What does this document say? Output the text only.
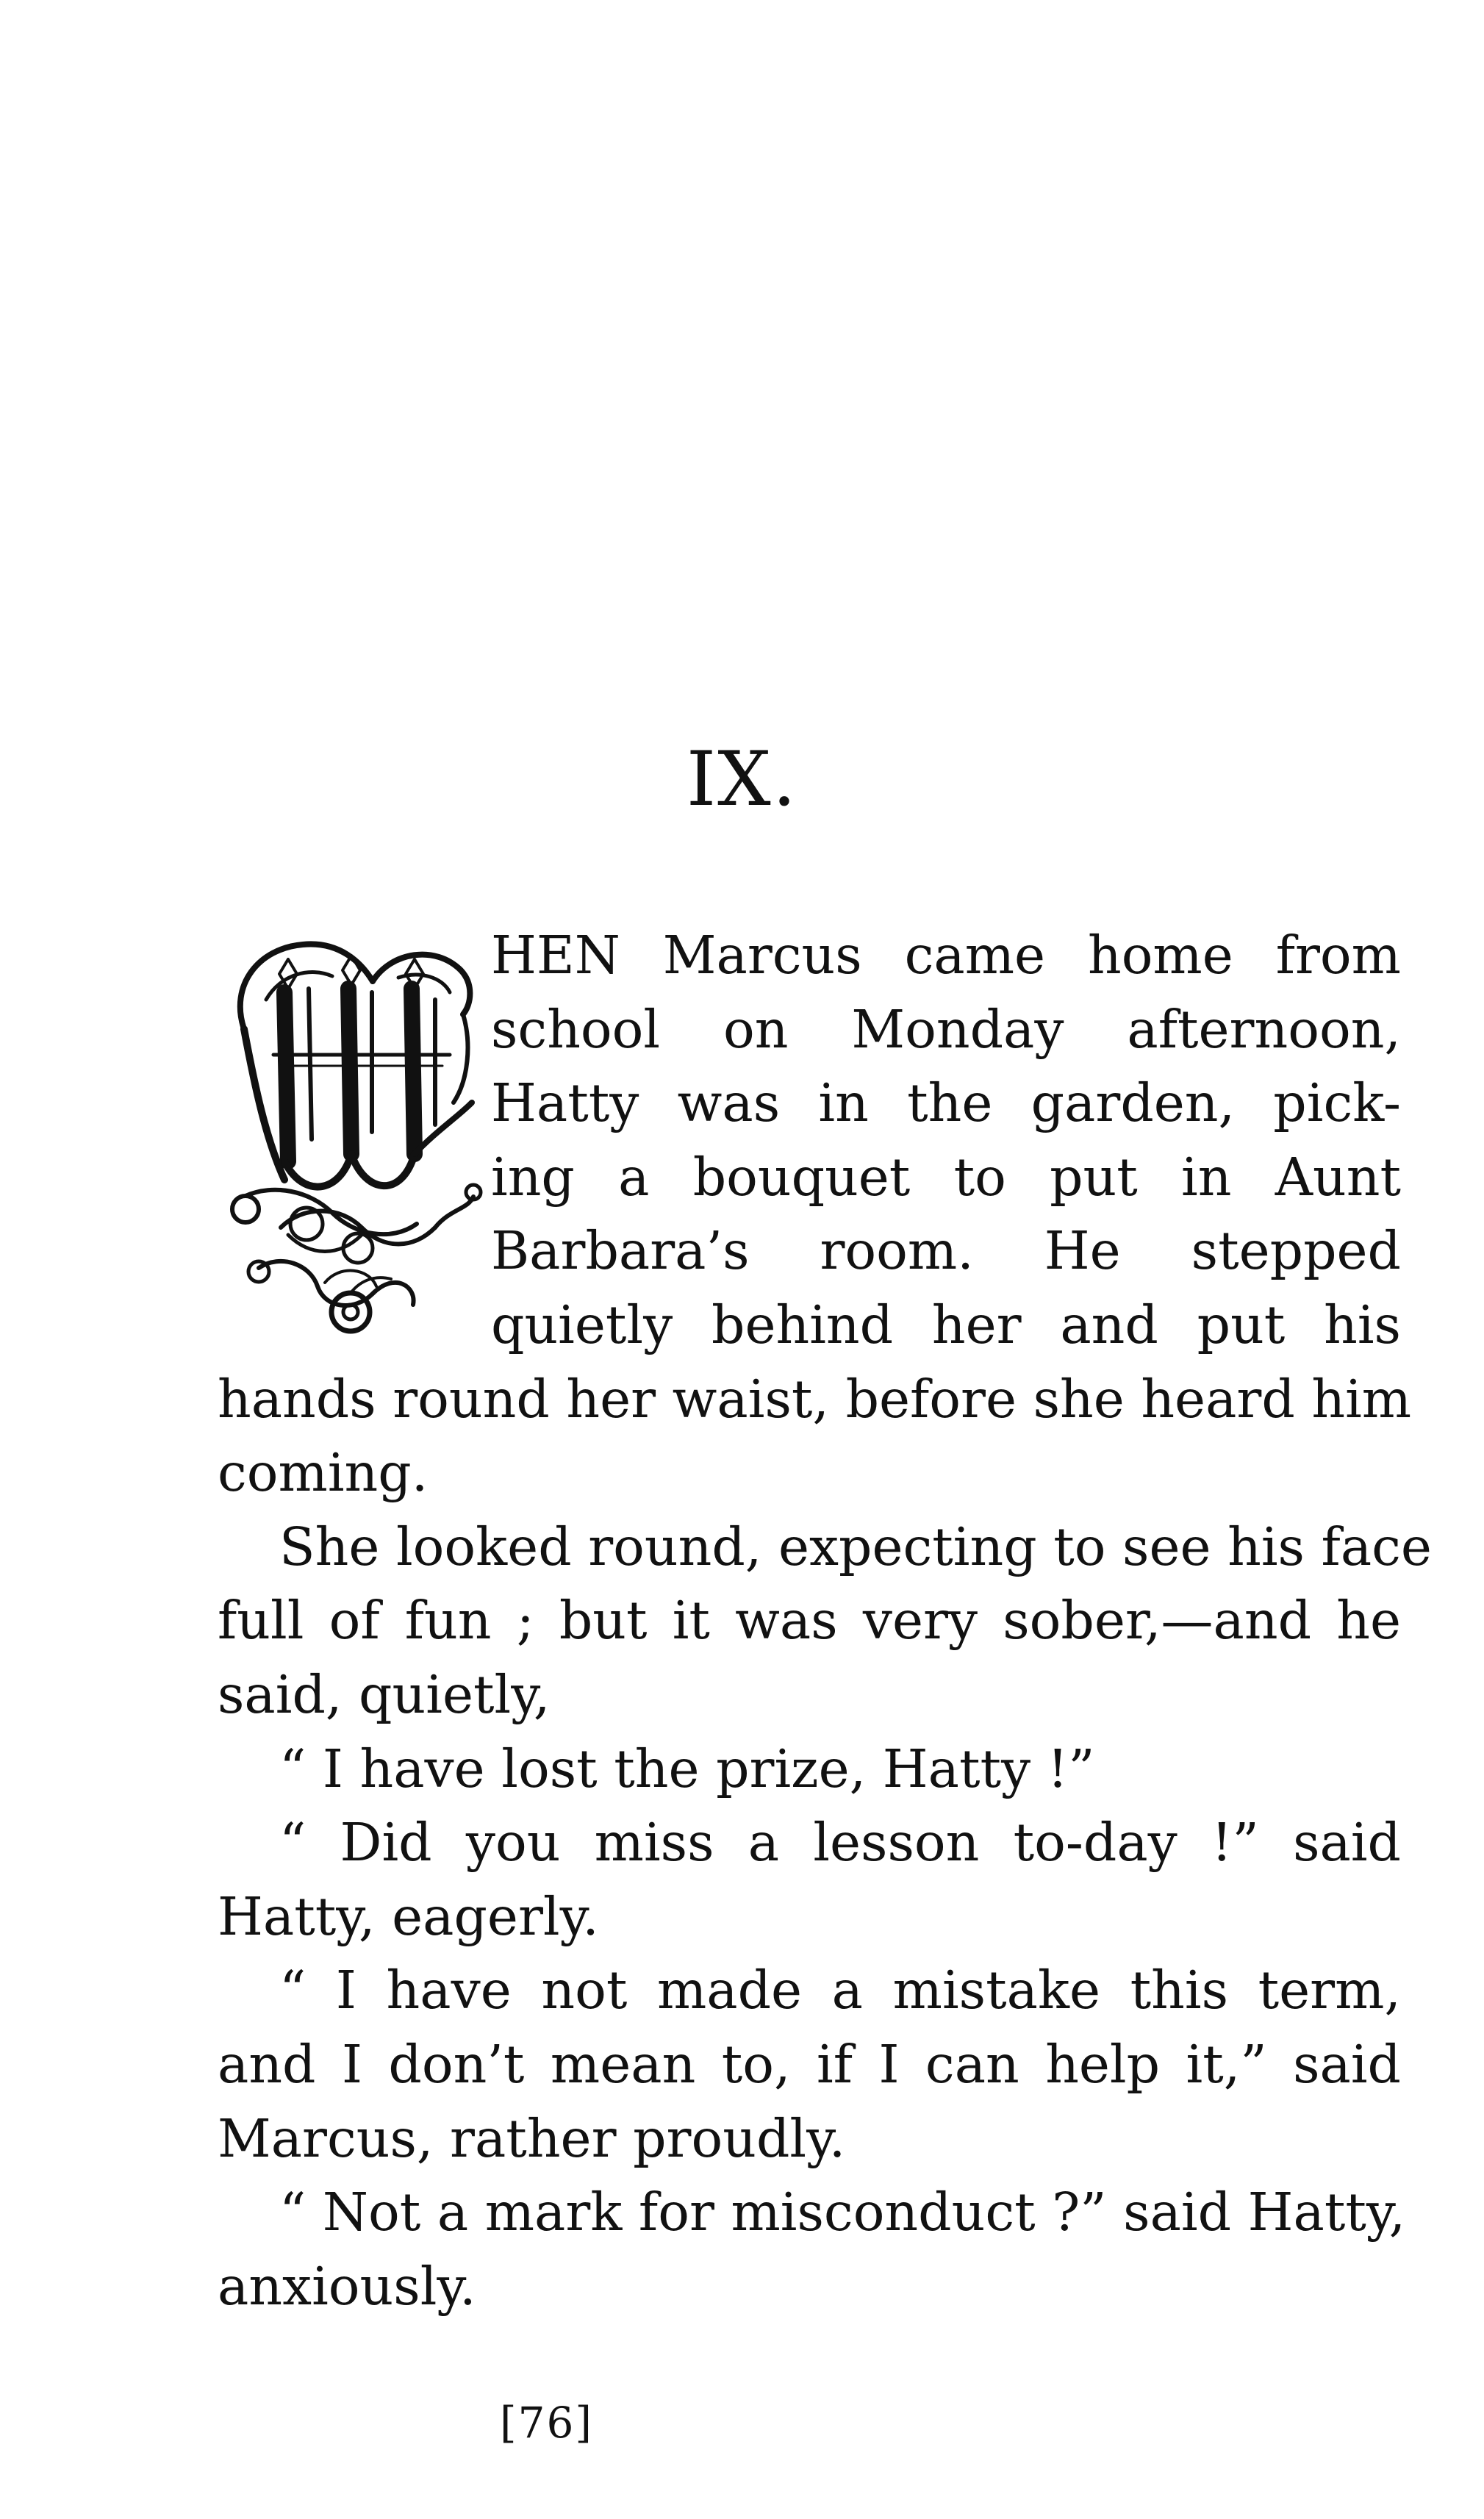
IX.
HEN Marcus came home from
school on Monday afternoon,
Hatty was in the garden, pick-
ing a bouquet to put in Aunt
Barbara’s room. He stepped
quietly behind her and put his
hands round her waist, before she heard him
coming.
She looked round, expecting to see his face
full of fun ; but it was very sober,—and he
said, quietly,
“ I have lost the prize, Hatty !”
“ Did you miss a lesson to-day !” said
Hatty, eagerly.
“ I have not made a mistake this term,
and I don’t mean to, if I can help it,” said
Marcus, rather proudly.
“ Not a mark for misconduct ?” said Hatty,
anxiously.
[76]
